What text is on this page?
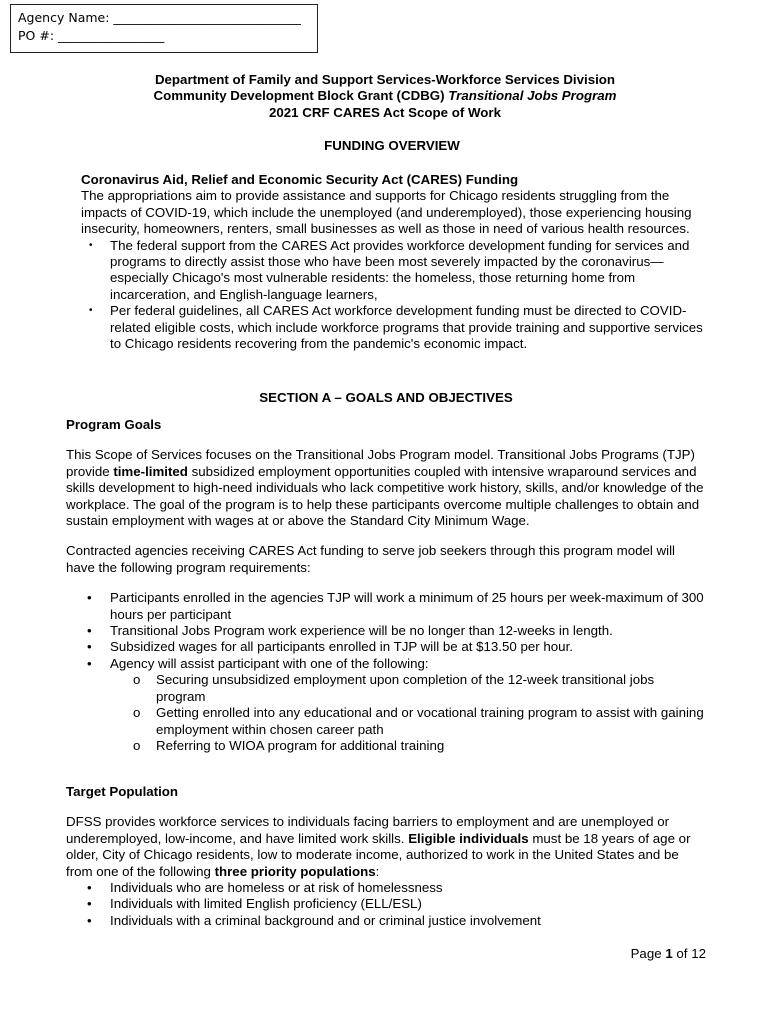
Agency Name: ______________________________
PO #: _________________
Department of Family and Support Services-Workforce Services Division
Community Development Block Grant (CDBG) Transitional Jobs Program
2021 CRF CARES Act Scope of Work
FUNDING OVERVIEW
Coronavirus Aid, Relief and Economic Security Act (CARES) Funding

The appropriations aim to provide assistance and supports for Chicago residents struggling from the impacts of COVID-19, which include the unemployed (and underemployed), those experiencing housing insecurity, homeowners, renters, small businesses as well as those in need of various health resources.

• The federal support from the CARES Act provides workforce development funding for services and programs to directly assist those who have been most severely impacted by the coronavirus—especially Chicago's most vulnerable residents: the homeless, those returning home from incarceration, and English-language learners,
• Per federal guidelines, all CARES Act workforce development funding must be directed to COVID-related eligible costs, which include workforce programs that provide training and supportive services to Chicago residents recovering from the pandemic's economic impact.
SECTION A – GOALS AND OBJECTIVES
Program Goals

This Scope of Services focuses on the Transitional Jobs Program model. Transitional Jobs Programs (TJP) provide time-limited subsidized employment opportunities coupled with intensive wraparound services and skills development to high-need individuals who lack competitive work history, skills, and/or knowledge of the workplace. The goal of the program is to help these participants overcome multiple challenges to obtain and sustain employment with wages at or above the Standard City Minimum Wage.

Contracted agencies receiving CARES Act funding to serve job seekers through this program model will have the following program requirements:

• Participants enrolled in the agencies TJP will work a minimum of 25 hours per week-maximum of 300 hours per participant
• Transitional Jobs Program work experience will be no longer than 12-weeks in length.
• Subsidized wages for all participants enrolled in TJP will be at $13.50 per hour.
• Agency will assist participant with one of the following:
o Securing unsubsidized employment upon completion of the 12-week transitional jobs program
o Getting enrolled into any educational and or vocational training program to assist with gaining employment within chosen career path
o Referring to WIOA program for additional training
Target Population

DFSS provides workforce services to individuals facing barriers to employment and are unemployed or underemployed, low-income, and have limited work skills. Eligible individuals must be 18 years of age or older, City of Chicago residents, low to moderate income, authorized to work in the United States and be from one of the following three priority populations:

• Individuals who are homeless or at risk of homelessness
• Individuals with limited English proficiency (ELL/ESL)
• Individuals with a criminal background and or criminal justice involvement
Page 1 of 12
